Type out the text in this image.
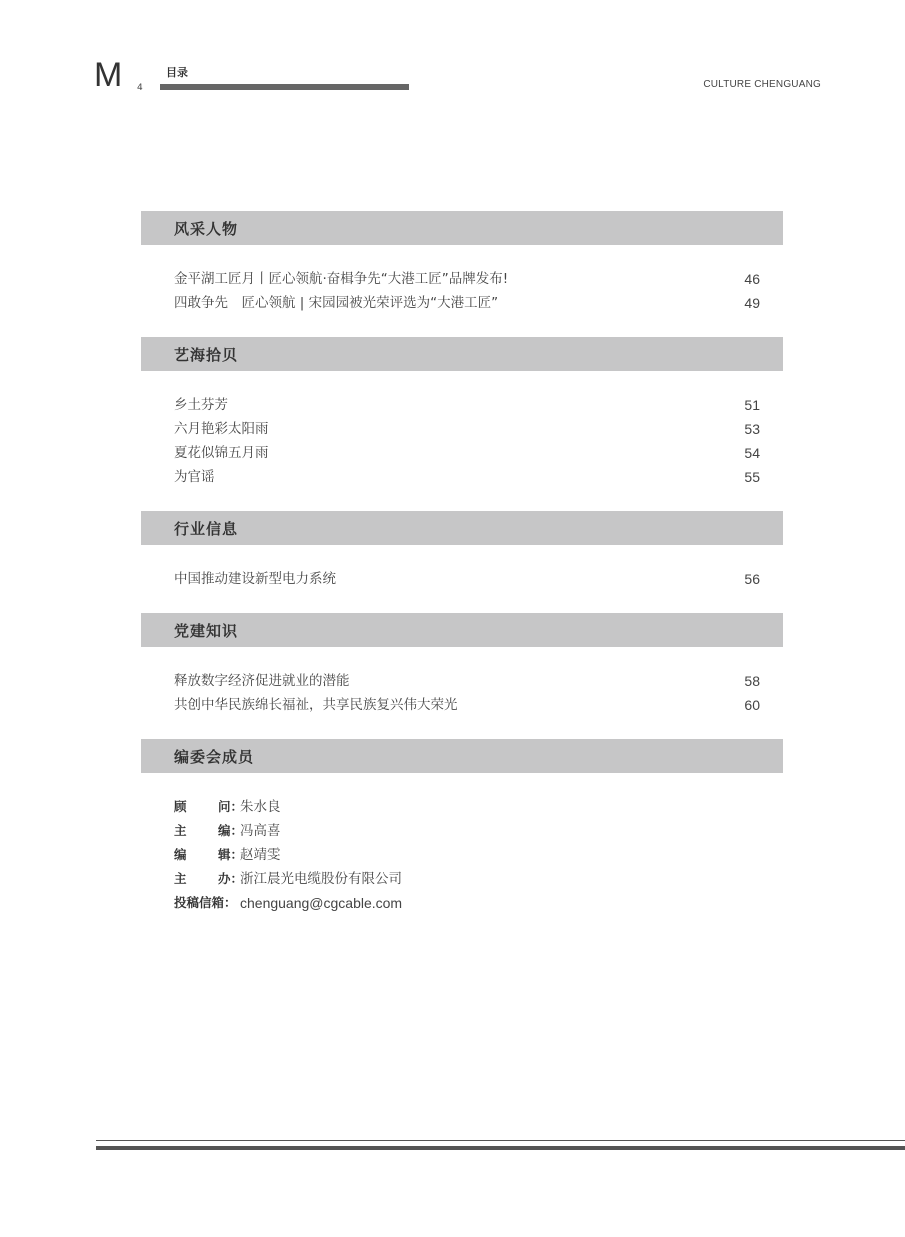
M 4
目录
CULTURE CHENGUANG
风采人物
金平湖工匠月丨匠心领航·奋楫争先“大港工匠”品牌发布!	46
四敢争先　匠心领航 | 宋园园被光荣评选为“大港工匠”	49
艺海拾贝
乡土芬芳	51
六月艳彩太阳雨	53
夏花似锦五月雨	54
为官谣	55
行业信息
中国推动建设新型电力系统	56
党建知识
释放数字经济促进就业的潜能	58
共创中华民族绵长福祉，共享民族复兴伟大荣光	60
编委会成员
顾	问：
朱水良
主	编：
冯高喜
编	辑：
赵靖雯
主	办：
浙江晨光电缆股份有限公司
投稿信箱： chenguang@cgcable.com
